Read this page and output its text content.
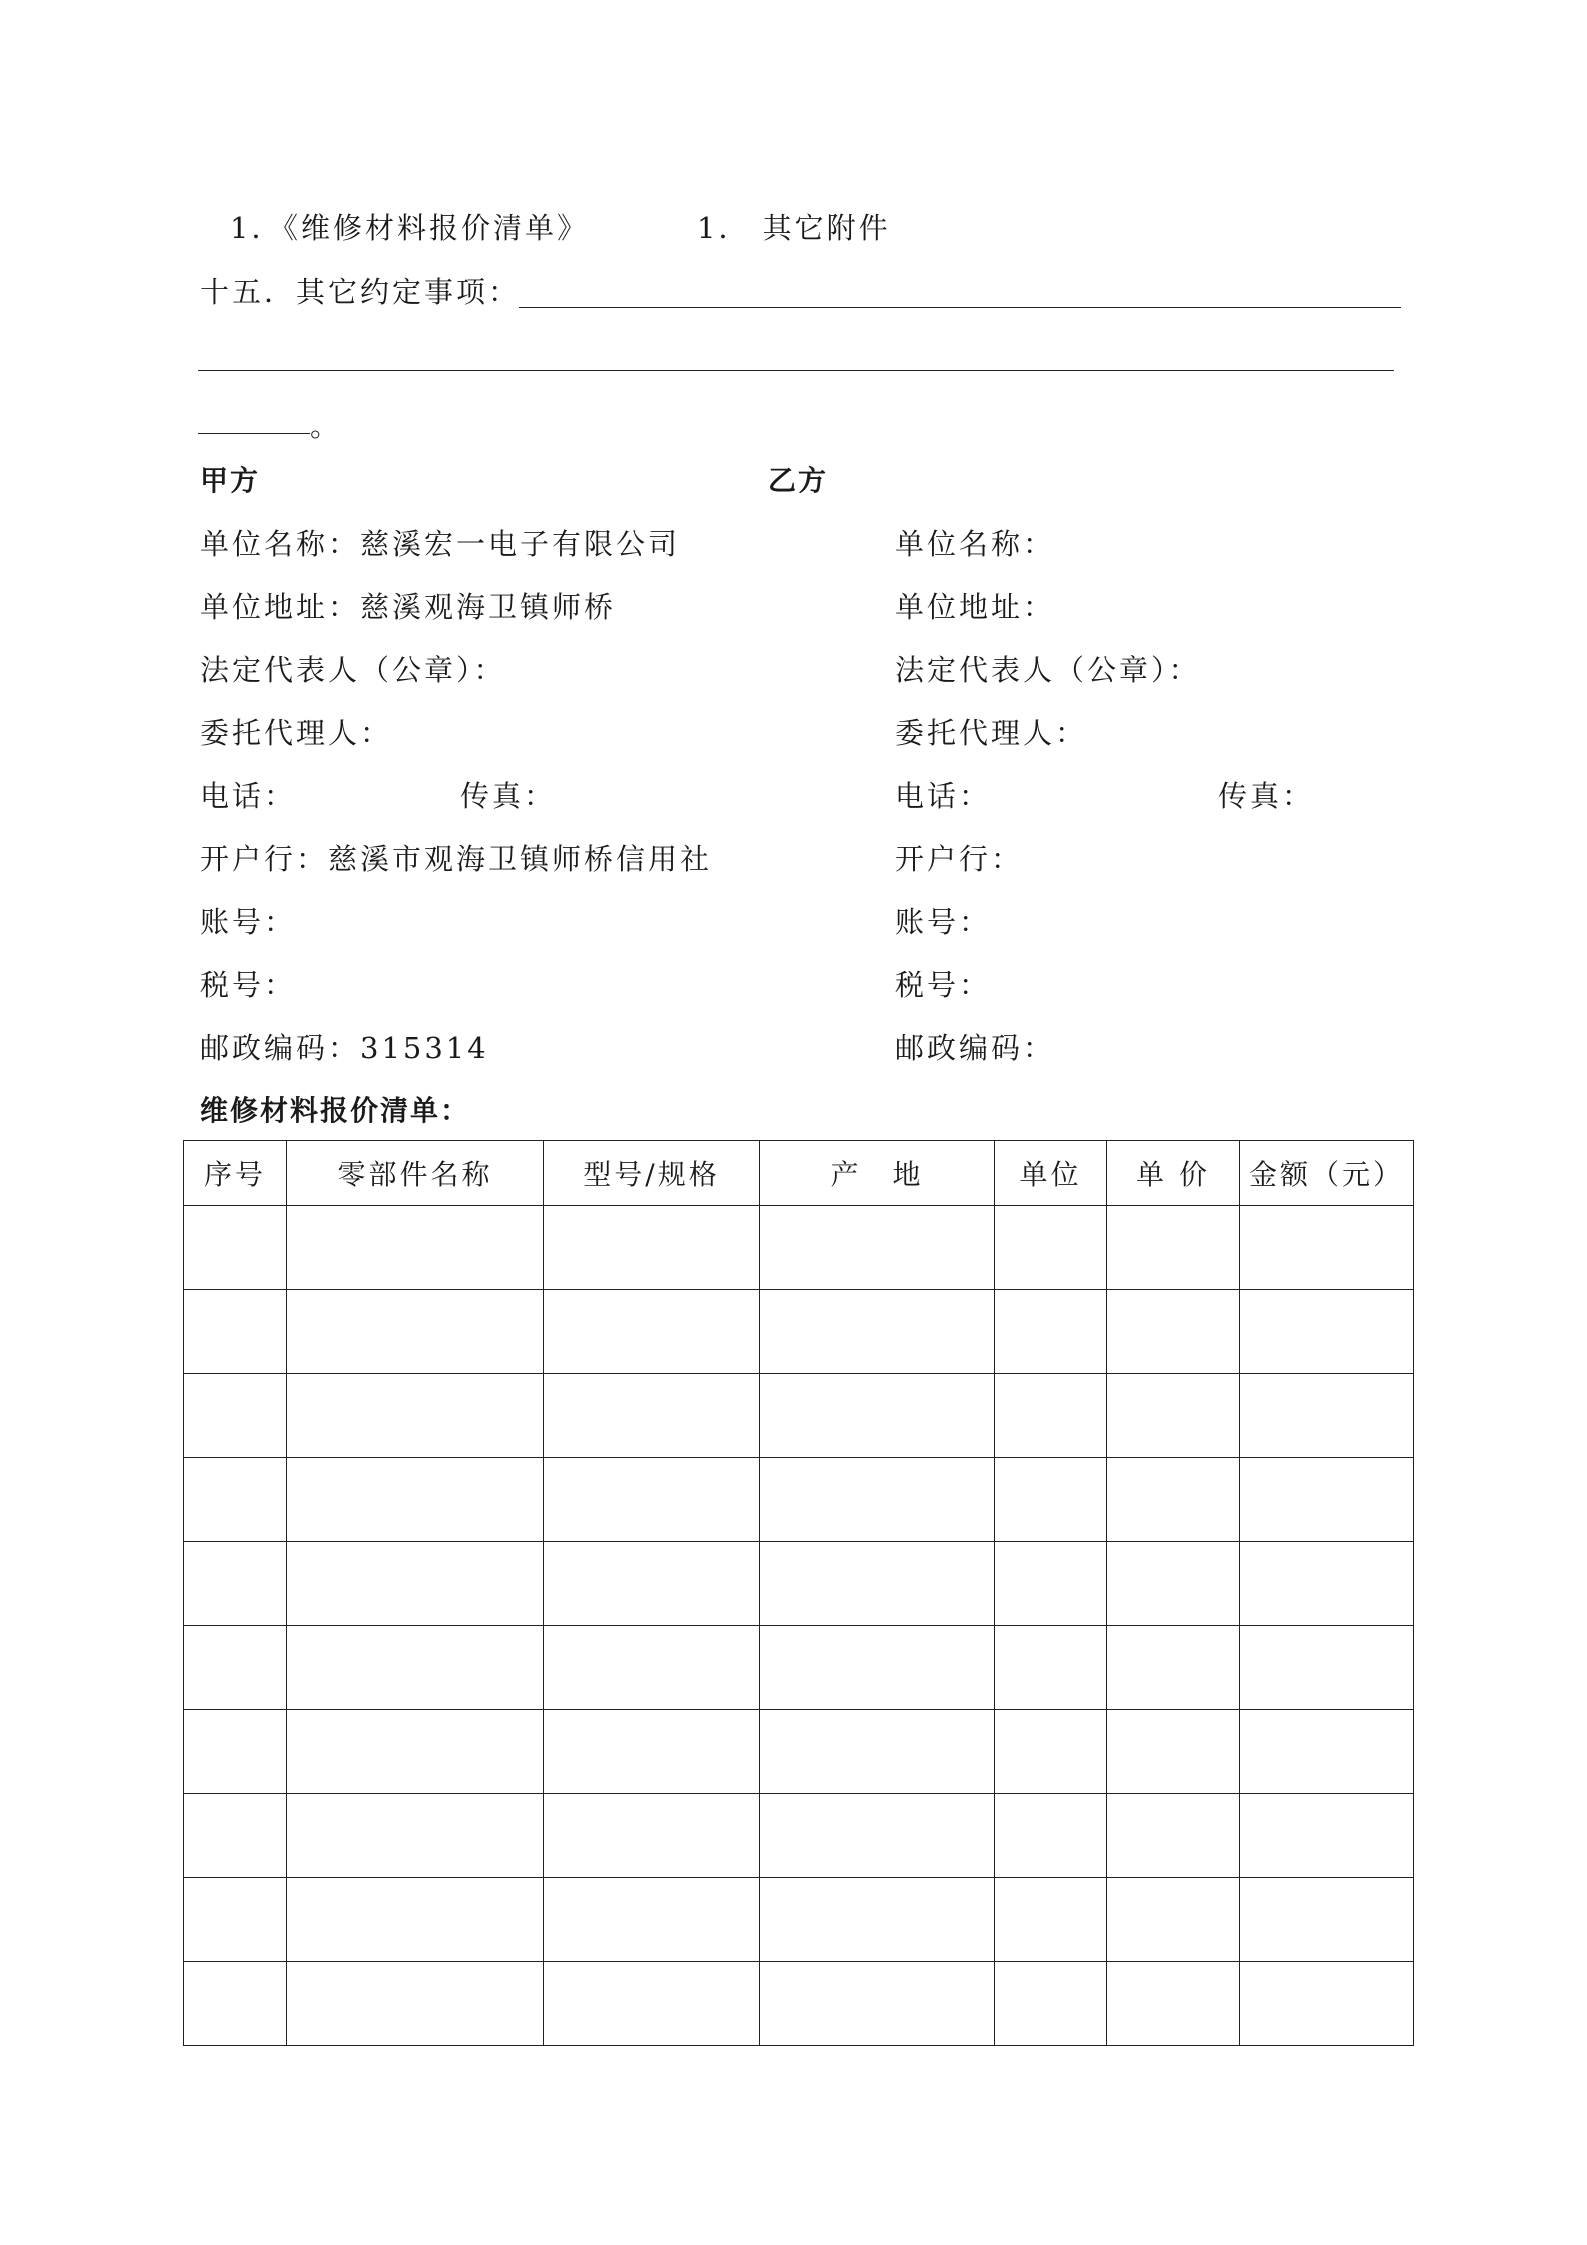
1．《维修材料报价清单》	1． 其它附件
十五．其它约定事项：
。
甲方
单位名称：慈溪宏一电子有限公司
单位地址：慈溪观海卫镇师桥
法定代表人（公章）：
委托代理人：
电话：	传真：
开户行：慈溪市观海卫镇师桥信用社
账号：
税号：
邮政编码：315314
乙方
单位名称：
单位地址：
法定代表人（公章）：
委托代理人：
电话：	传真：
开户行：
账号：
税号：
邮政编码：
维修材料报价清单：
序号	零部件名称	型号/规格	产　地	单位	单 价	金额（元）
